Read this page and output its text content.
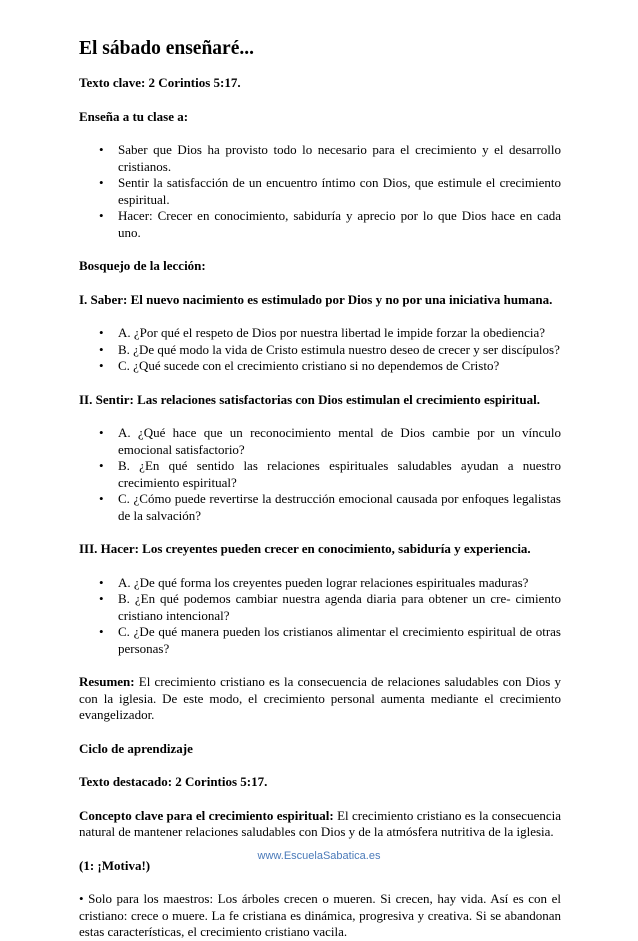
El sábado enseñaré...

Texto clave: 2 Corintios 5:17.

Enseña a tu clase a:

• Saber que Dios ha provisto todo lo necesario para el crecimiento y el desarrollo cristianos.
• Sentir la satisfacción de un encuentro íntimo con Dios, que estimule el crecimiento espiritual.
• Hacer: Crecer en conocimiento, sabiduría y aprecio por lo que Dios hace en cada uno.

Bosquejo de la lección:

I. Saber: El nuevo nacimiento es estimulado por Dios y no por una iniciativa humana.

• A. ¿Por qué el respeto de Dios por nuestra libertad le impide forzar la obediencia?
• B. ¿De qué modo la vida de Cristo estimula nuestro deseo de crecer y ser discípulos?
• C. ¿Qué sucede con el crecimiento cristiano si no dependemos de Cristo?

II. Sentir: Las relaciones satisfactorias con Dios estimulan el crecimiento espiritual.

• A. ¿Qué hace que un reconocimiento mental de Dios cambie por un vínculo emocional satisfactorio?
• B. ¿En qué sentido las relaciones espirituales saludables ayudan a nuestro crecimiento espiritual?
• C. ¿Cómo puede revertirse la destrucción emocional causada por enfoques legalistas de la salvación?

III. Hacer: Los creyentes pueden crecer en conocimiento, sabiduría y experiencia.

• A. ¿De qué forma los creyentes pueden lograr relaciones espirituales maduras?
• B. ¿En qué podemos cambiar nuestra agenda diaria para obtener un cre- cimiento cristiano intencional?
• C. ¿De qué manera pueden los cristianos alimentar el crecimiento espiritual de otras personas?

Resumen: El crecimiento cristiano es la consecuencia de relaciones saludables con Dios y con la iglesia. De este modo, el crecimiento personal aumenta mediante el crecimiento evangelizador.

Ciclo de aprendizaje

Texto destacado: 2 Corintios 5:17.

Concepto clave para el crecimiento espiritual: El crecimiento cristiano es la consecuencia natural de mantener relaciones saludables con Dios y de la atmósfera nutritiva de la iglesia.

(1: ¡Motiva!)

• Solo para los maestros: Los árboles crecen o mueren. Si crecen, hay vida. Así es con el cristiano: crece o muere. La fe cristiana es dinámica, progresiva y creativa. Si se abandonan estas características, el crecimiento cristiano vacila.

www.EscuelaSabatica.es
